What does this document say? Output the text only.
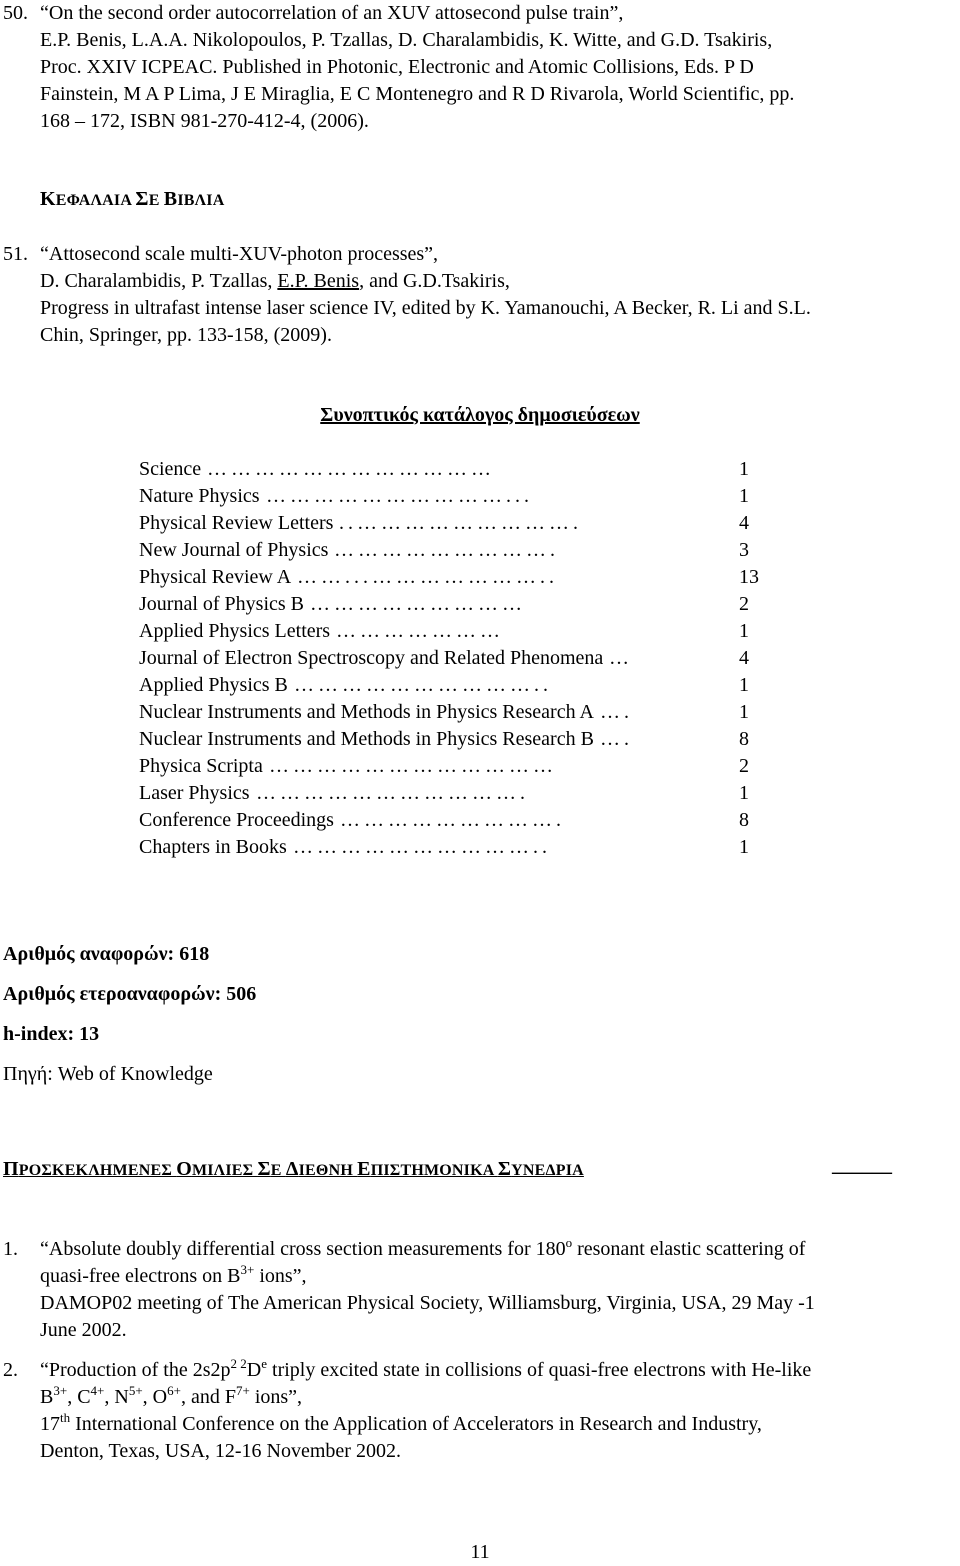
50. “On the second order autocorrelation of an XUV attosecond pulse train”,
E.P. Benis, L.A.A. Nikolopoulos, P. Tzallas, D. Charalambidis, K. Witte, and G.D. Tsakiris,
Proc. XXIV ICPEAC. Published in Photonic, Electronic and Atomic Collisions, Eds. P D
Fainstein, M A P Lima, J E Miraglia, E C Montenegro and R D Rivarola, World Scientific, pp.
168 – 172, ISBN 981-270-412-4, (2006).
ΚΕΦΑΛΑΙΑ ΣΕ ΒΙΒΛΙΑ
51. “Attosecond scale multi-XUV-photon processes”,
D. Charalambidis, P. Tzallas, E.P. Benis, and G.D.Tsakiris,
Progress in ultrafast intense laser science IV, edited by K. Yamanouchi, A Becker, R. Li and S.L.
Chin, Springer, pp. 133-158, (2009).
Συνοπτικός κατάλογος δημοσιεύσεων
Science ………………………………	1
Nature Physics …………………………...	1
Physical Review Letters ..……………………….	4
New Journal of Physics ……………………….	3
Physical Review A ……...…………………..	13
Journal of Physics B ………………………	2
Applied Physics Letters …………………	1
Journal of Electron Spectroscopy and Related Phenomena …	4
Applied Physics B …………………………..	1
Nuclear Instruments and Methods in Physics Research A ….	1
Nuclear Instruments and Methods in Physics Research B ….	8
Physica Scripta ………………………………	2
Laser Physics …………………………….	1
Conference Proceedings ……………………….	8
Chapters in Books …………………………..	1
Αριθμός αναφορών: 618
Αριθμός ετεροαναφορών: 506
h-index: 13
Πηγή: Web of Knowledge
ΠΡΟΣΚΕΚΛΗΜΕΝΕΣ ΟΜΙΛΙΕΣ ΣΕ ΔΙΕΘΝΗ ΕΠΙΣΤΗΜΟΝΙΚΑ ΣΥΝΕΔΡΙΑ	______
1. “Absolute doubly differential cross section measurements for 180$^o$ resonant elastic scattering of
quasi-free electrons on $B^{3+}$ ions”,
DAMOP02 meeting of The American Physical Society, Williamsburg, Virginia, USA, 29 May -1
June 2002.
2. “Production of the $2s2p^{2 2}De$ triply excited state in collisions of quasi-free electrons with He-like
$B^{3+}$, $C^{4+}$, $N^{5+}$, $O^{6+}$, and $F^{7+}$ ions”,
17th International Conference on the Application of Accelerators in Research and Industry,
Denton, Texas, USA, 12-16 November 2002.
11
